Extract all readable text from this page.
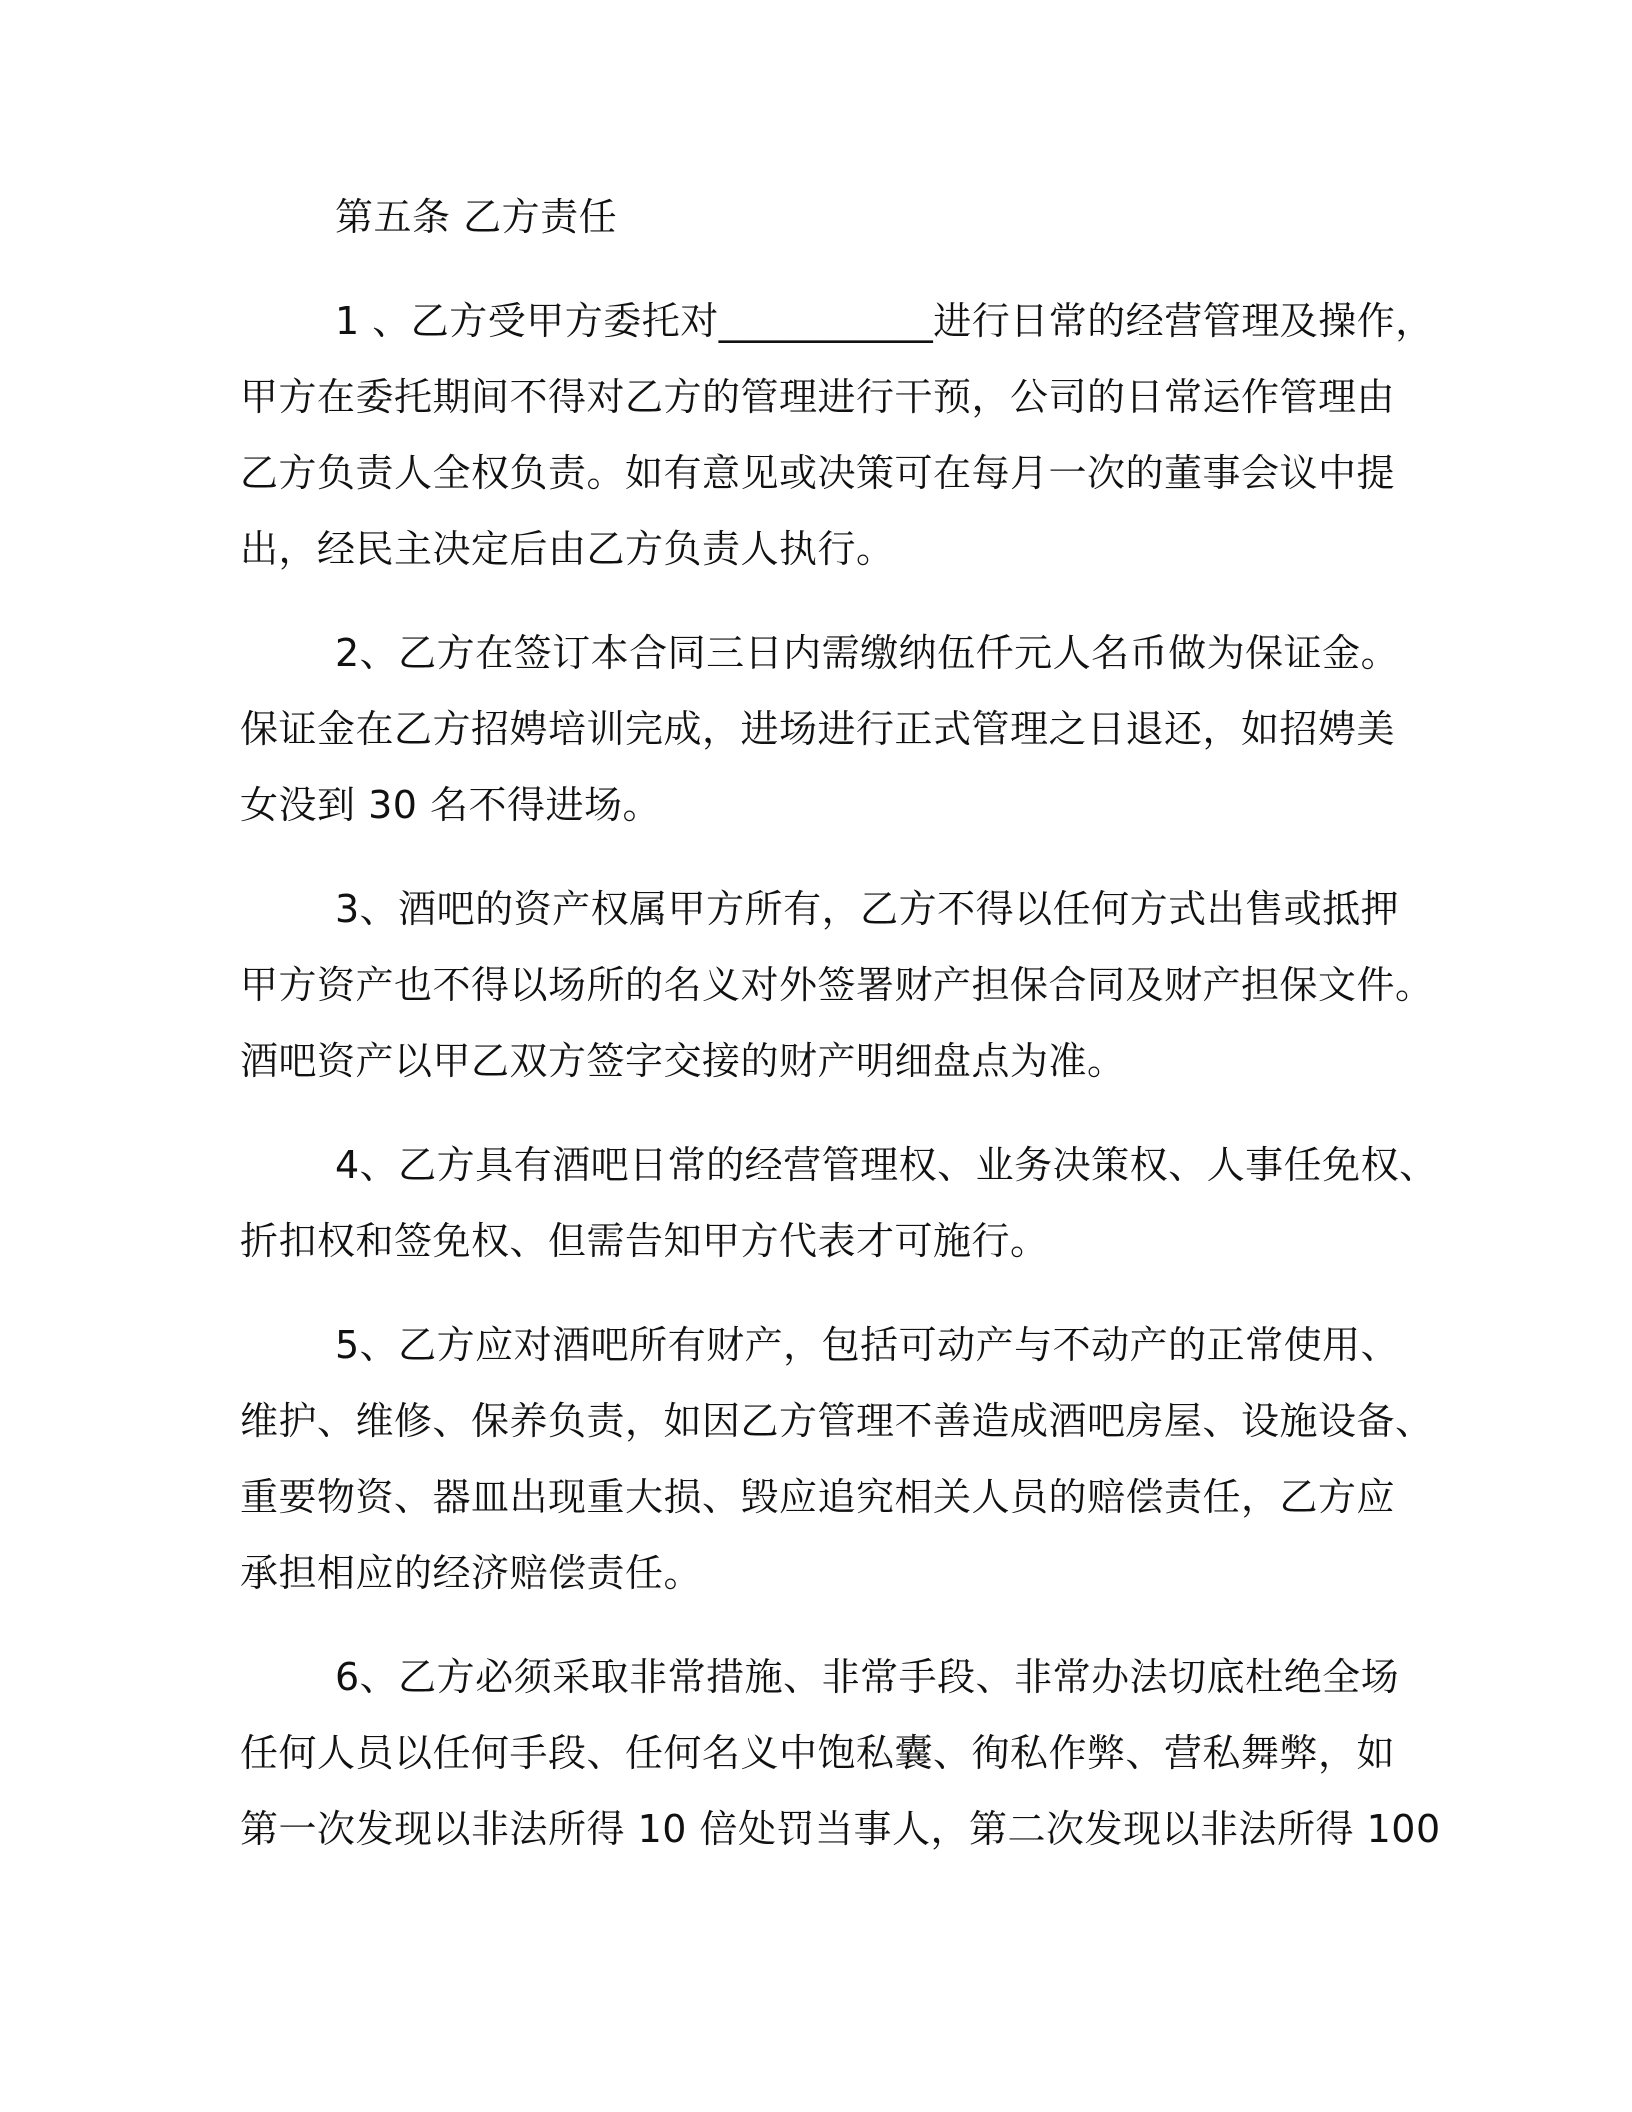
第五条 乙方责任
1 、乙方受甲方委托对___________进行日常的经营管理及操作，
甲方在委托期间不得对乙方的管理进行干预，公司的日常运作管理由
乙方负责人全权负责。如有意见或决策可在每月一次的董事会议中提
出，经民主决定后由乙方负责人执行。
2、乙方在签订本合同三日内需缴纳伍仟元人名币做为保证金。
保证金在乙方招娉培训完成，进场进行正式管理之日退还，如招娉美
女没到 30 名不得进场。
3、酒吧的资产权属甲方所有，乙方不得以任何方式出售或抵押
甲方资产也不得以场所的名义对外签署财产担保合同及财产担保文件。
酒吧资产以甲乙双方签字交接的财产明细盘点为准。
4、乙方具有酒吧日常的经营管理权、业务决策权、人事任免权、
折扣权和签免权、但需告知甲方代表才可施行。
5、乙方应对酒吧所有财产，包括可动产与不动产的正常使用、
维护、维修、保养负责，如因乙方管理不善造成酒吧房屋、设施设备、
重要物资、器皿出现重大损、毁应追究相关人员的赔偿责任，乙方应
承担相应的经济赔偿责任。
6、乙方必须采取非常措施、非常手段、非常办法切底杜绝全场
任何人员以任何手段、任何名义中饱私囊、徇私作弊、营私舞弊，如
第一次发现以非法所得 10 倍处罚当事人，第二次发现以非法所得 100
